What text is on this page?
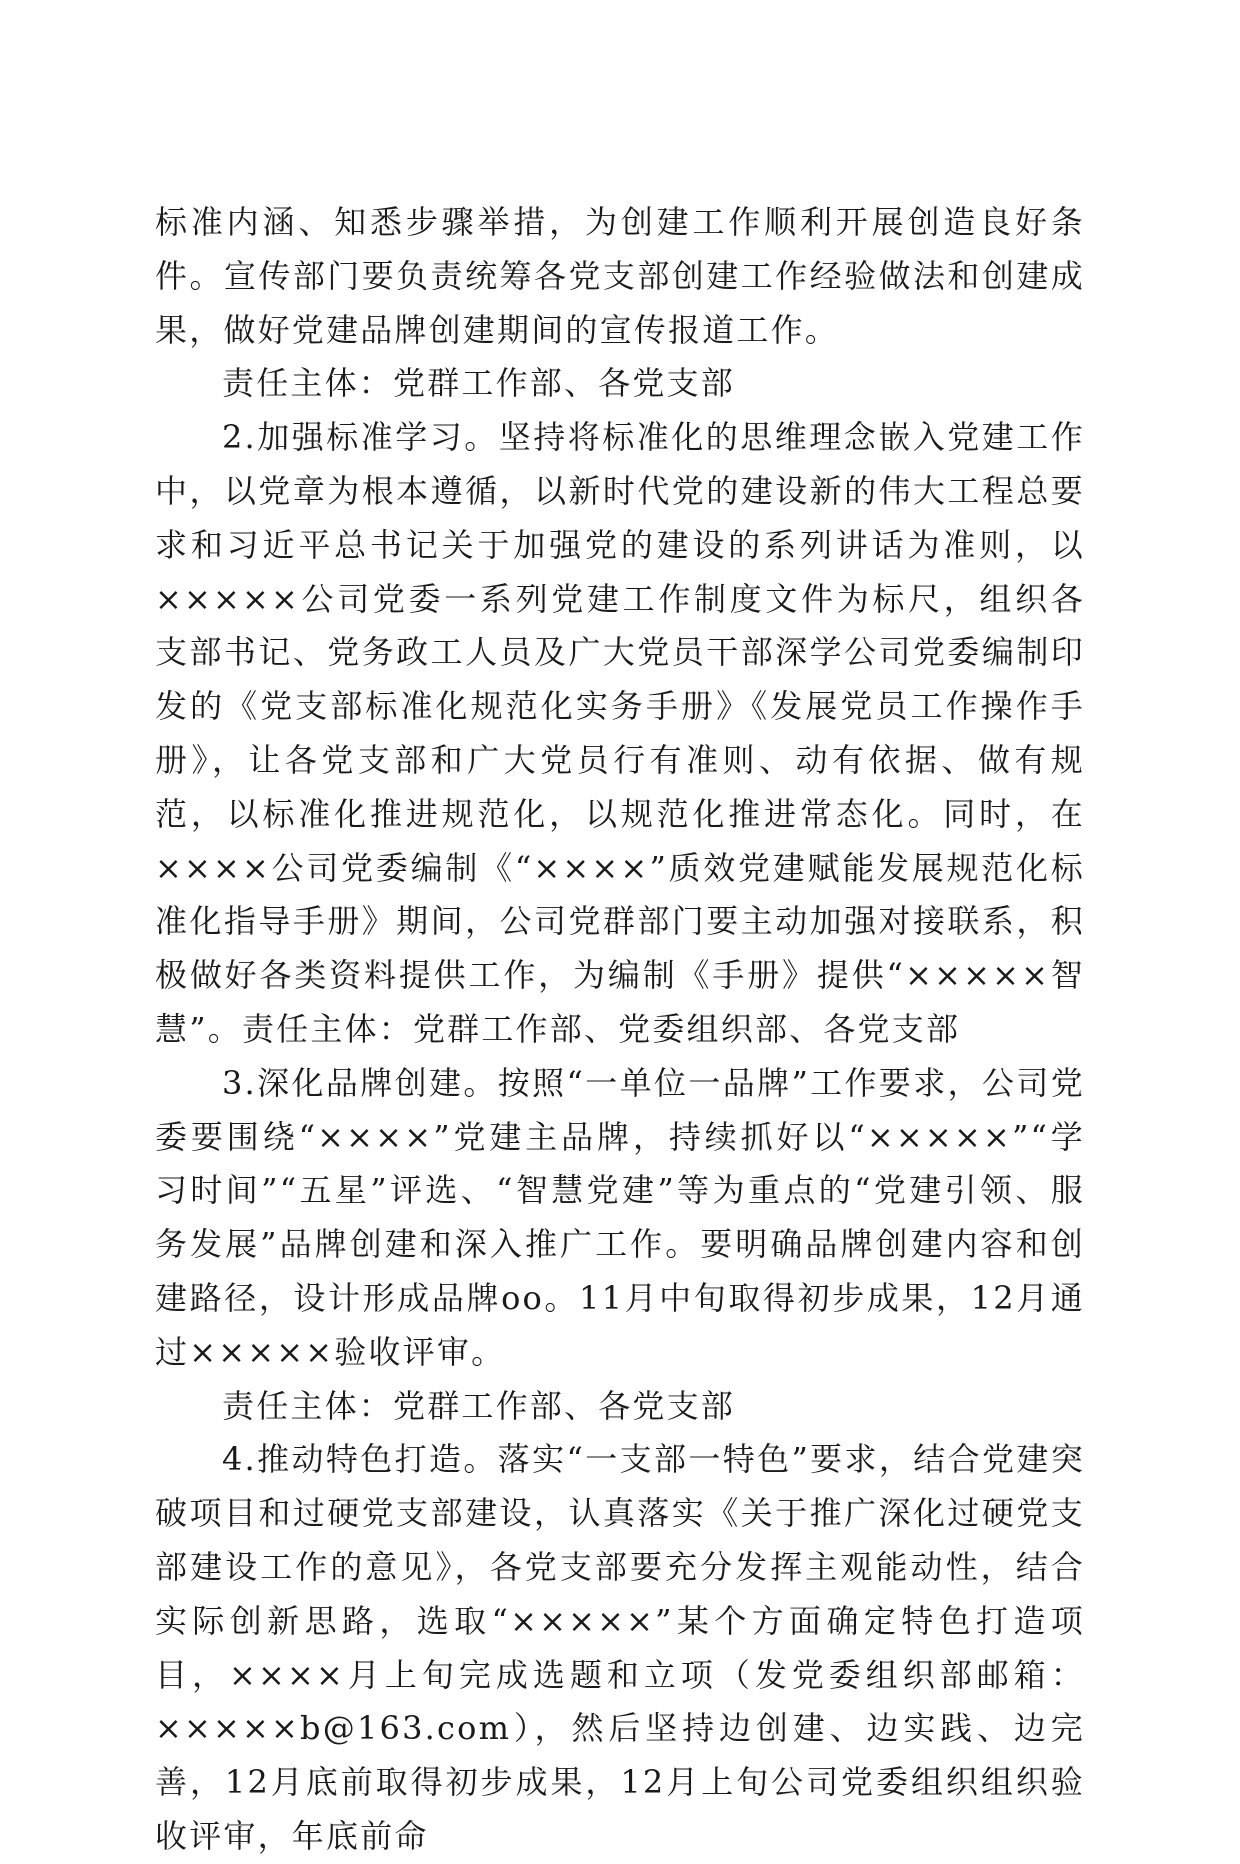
标准内涵、知悉步骤举措，为创建工作顺利开展创造良好条件。宣传部门要负责统筹各党支部创建工作经验做法和创建成果，做好党建品牌创建期间的宣传报道工作。

责任主体：党群工作部、各党支部

2.加强标准学习。坚持将标准化的思维理念嵌入党建工作中，以党章为根本遵循，以新时代党的建设新的伟大工程总要求和习近平总书记关于加强党的建设的系列讲话为准则，以×××××公司党委一系列党建工作制度文件为标尺，组织各支部书记、党务政工人员及广大党员干部深学公司党委编制印发的《党支部标准化规范化实务手册》《发展党员工作操作手册》，让各党支部和广大党员行有准则、动有依据、做有规范，以标准化推进规范化，以规范化推进常态化。同时，在××××公司党委编制《“××××”质效党建赋能发展规范化标准化指导手册》期间，公司党群部门要主动加强对接联系，积极做好各类资料提供工作，为编制《手册》提供“×××××智慧”。责任主体：党群工作部、党委组织部、各党支部

3.深化品牌创建。按照“一单位一品牌”工作要求，公司党委要围绕“××××”党建主品牌，持续抓好以“×××××”“学习时间”“五星”评选、“智慧党建”等为重点的“党建引领、服务发展”品牌创建和深入推广工作。要明确品牌创建内容和创建路径，设计形成品牌oo。11月中旬取得初步成果，12月通过×××××验收评审。

责任主体：党群工作部、各党支部

4.推动特色打造。落实“一支部一特色”要求，结合党建突破项目和过硬党支部建设，认真落实《关于推广深化过硬党支部建设工作的意见》，各党支部要充分发挥主观能动性，结合实际创新思路，选取“×××××”某个方面确定特色打造项目，××××月上旬完成选题和立项（发党委组织部邮箱：×××××b@163.com），然后坚持边创建、边实践、边完善，12月底前取得初步成果，12月上旬公司党委组织组织验收评审，年底前命
